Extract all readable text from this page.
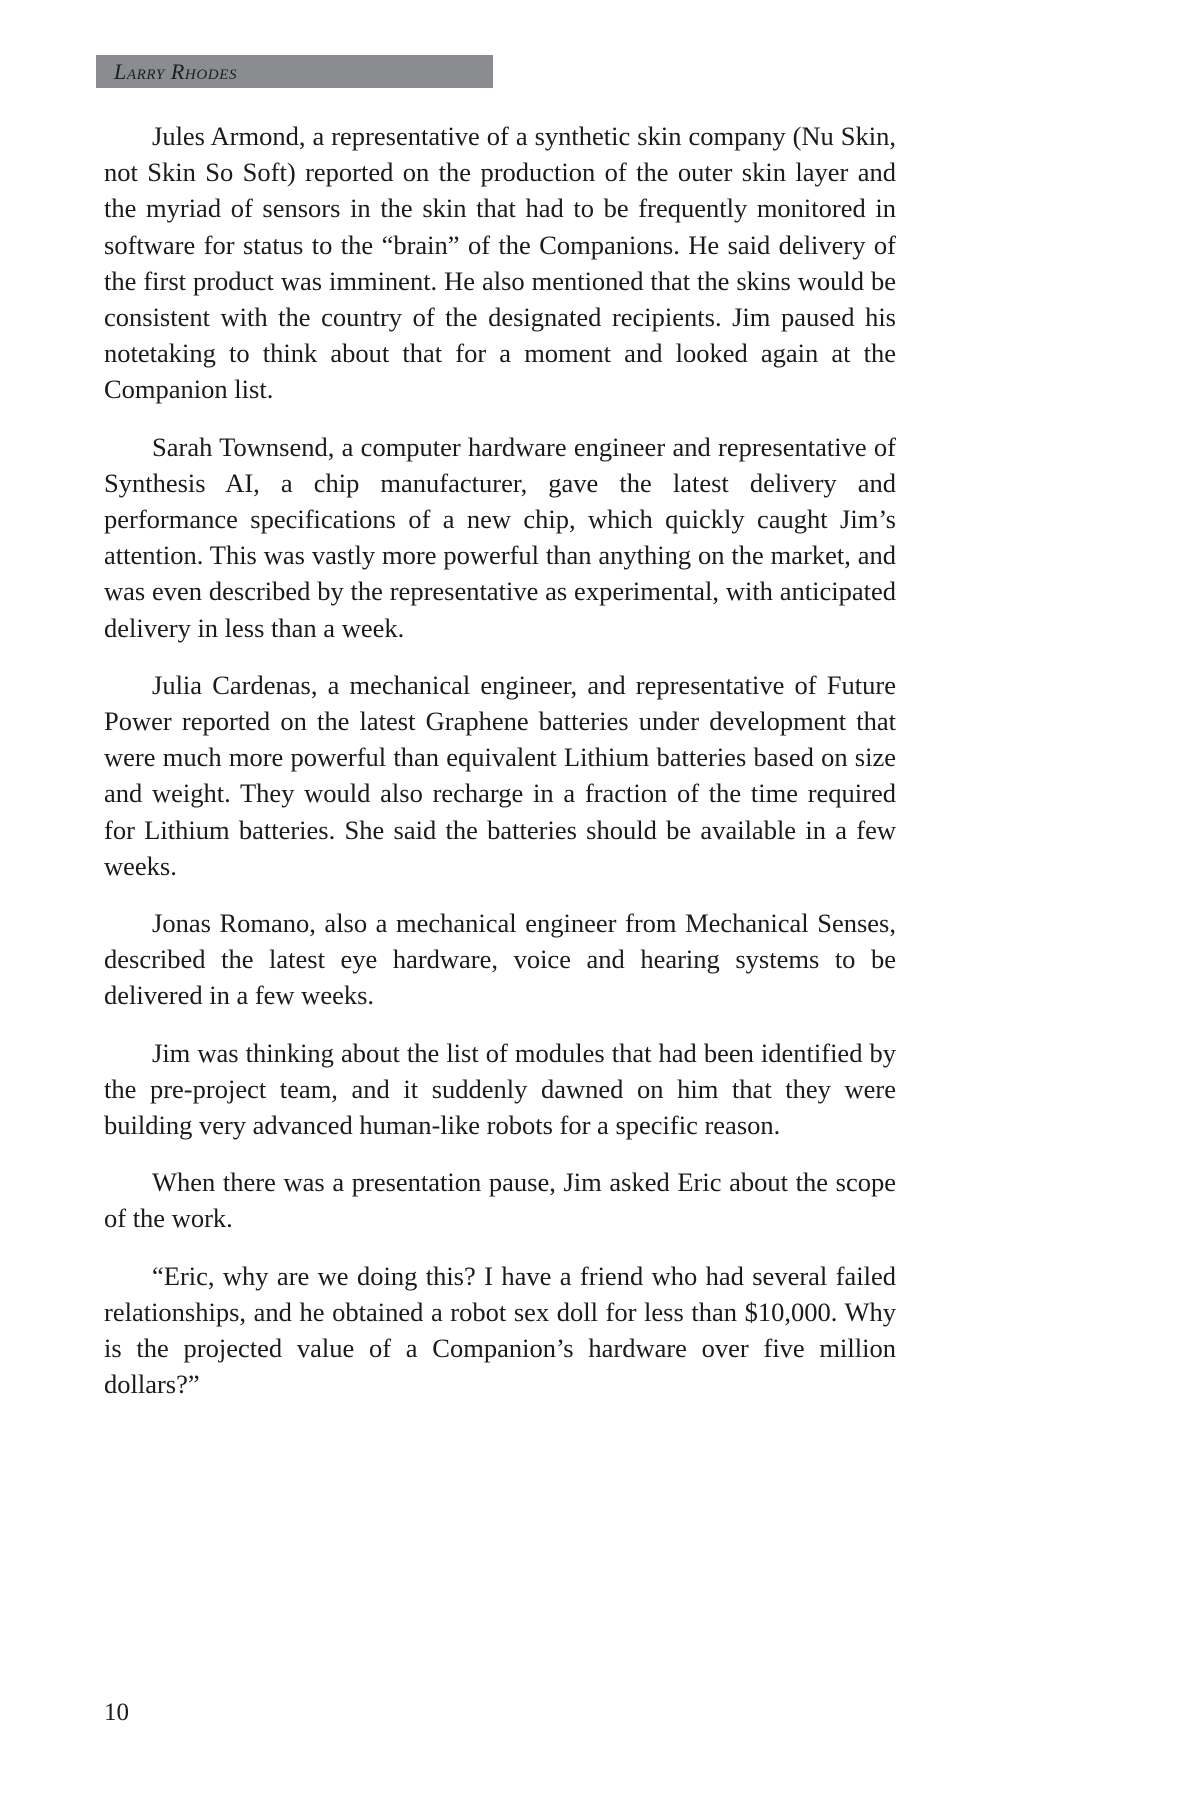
Larry Rhodes

Jules Armond, a representative of a synthetic skin company (Nu Skin, not Skin So Soft) reported on the production of the outer skin layer and the myriad of sensors in the skin that had to be frequently monitored in software for status to the “brain” of the Companions. He said delivery of the first product was imminent. He also mentioned that the skins would be consistent with the country of the designated recipients. Jim paused his notetaking to think about that for a moment and looked again at the Companion list.

Sarah Townsend, a computer hardware engineer and representative of Synthesis AI, a chip manufacturer, gave the latest delivery and performance specifications of a new chip, which quickly caught Jim’s attention. This was vastly more powerful than anything on the market, and was even described by the representative as experimental, with anticipated delivery in less than a week.

Julia Cardenas, a mechanical engineer, and representative of Future Power reported on the latest Graphene batteries under development that were much more powerful than equivalent Lithium batteries based on size and weight. They would also recharge in a fraction of the time required for Lithium batteries. She said the batteries should be available in a few weeks.

Jonas Romano, also a mechanical engineer from Mechanical Senses, described the latest eye hardware, voice and hearing systems to be delivered in a few weeks.

Jim was thinking about the list of modules that had been identified by the pre-project team, and it suddenly dawned on him that they were building very advanced human-like robots for a specific reason.

When there was a presentation pause, Jim asked Eric about the scope of the work.

“Eric, why are we doing this? I have a friend who had several failed relationships, and he obtained a robot sex doll for less than $10,000. Why is the projected value of a Companion’s hardware over five million dollars?”

10
